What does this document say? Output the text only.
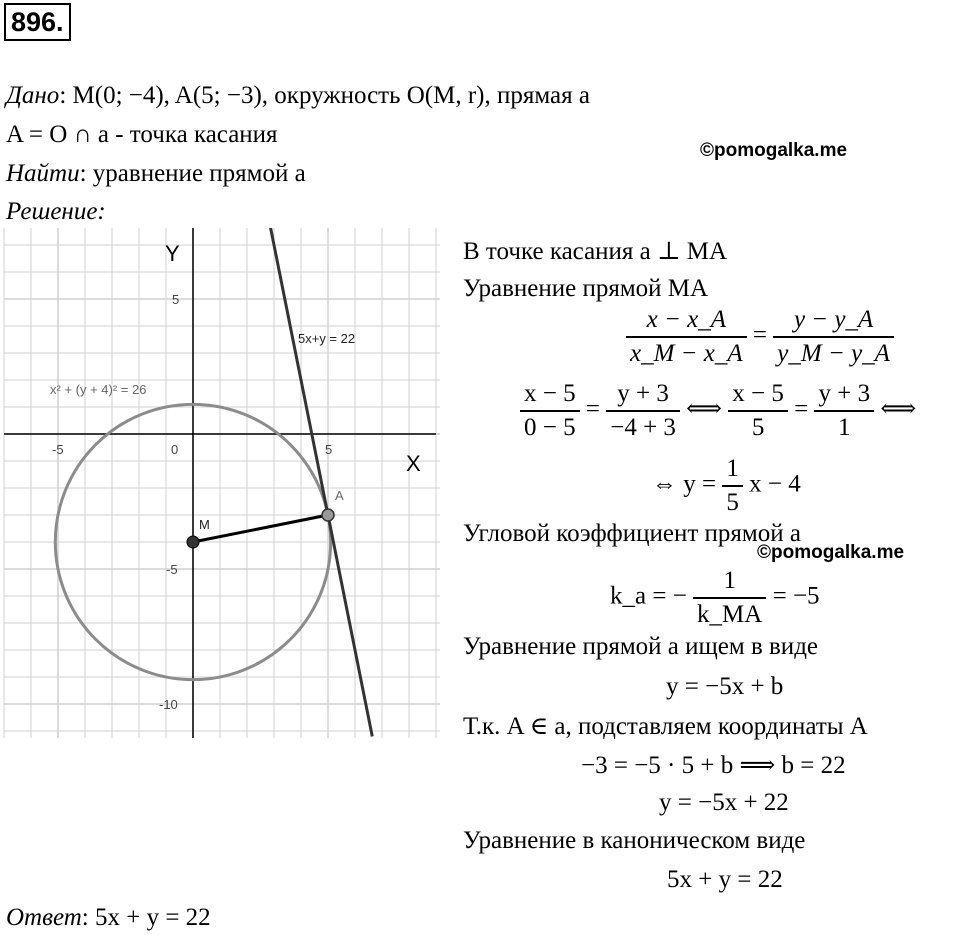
896.
Дано: M(0; −4), A(5; −3), окружность O(M, r), прямая a
A = O ∩ a - точка касания
©pomogalka.me
Найти: уравнение прямой a
Решение:
Y
X
5
-5
-10
-5	0	5
x² + (y + 4)² = 26
5x+y = 22
M
A
В точке касания a ⊥ MA
Уравнение прямой MA
$\frac{x - x\_A}{x\_M - x\_A} = \frac{y - y\_A}{y\_M - y\_A}$
$\frac{x - 5}{0 - 5} = \frac{y + 3}{-4 + 3}$ ⟺ $\frac{x - 5}{5} = \frac{y + 3}{1}$ ⟺
⇔ $y = \frac{1}{5}$ x − 4
Угловой коэффициент прямой a
©pomogalka.me
k_a = − $\frac{1}{k\_MA} = -5$
Уравнение прямой a ищем в виде
y = −5x + b
Т.к. A ∈ a, подставляем координаты A
−3 = −5 · 5 + b ⟹ b = 22
y = −5x + 22
Уравнение в каноническом виде
5x + y = 22
Ответ: 5x + y = 22
